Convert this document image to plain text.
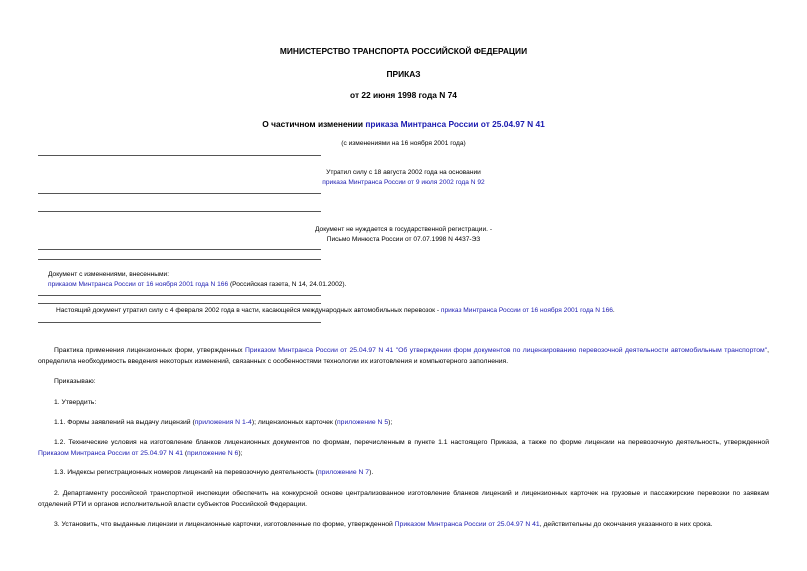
МИНИСТЕРСТВО ТРАНСПОРТА РОССИЙСКОЙ ФЕДЕРАЦИИ
ПРИКАЗ
от 22 июня 1998 года N 74
О частичном изменении приказа Минтранса России от 25.04.97 N 41
(с изменениями на 16 ноября 2001 года)
Утратил силу с 18 августа 2002 года на основании
приказа Минтранса России от 9 июля 2002 года N 92
Документ не нуждается в государственной регистрации. -
Письмо Минюста России от 07.07.1998 N 4437-ЭЗ
Документ с изменениями, внесенными:
приказом Минтранса России от 16 ноября 2001 года N 166 (Российская газета, N 14, 24.01.2002).
Настоящий документ утратил силу с 4 февраля 2002 года в части, касающейся международных автомобильных перевозок - приказ Минтранса России от 16 ноября 2001 года N 166.
Практика применения лицензионных форм, утвержденных Приказом Минтранса России от 25.04.97 N 41 "Об утверждении форм документов по лицензированию перевозочной деятельности автомобильным транспортом", определила необходимость введения некоторых изменений, связанных с особенностями технологии их изготовления и компьютерного заполнения.
Приказываю:
1. Утвердить:
1.1. Формы заявлений на выдачу лицензий (приложения N 1-4); лицензионных карточек (приложение N 5);
1.2. Технические условия на изготовление бланков лицензионных документов по формам, перечисленным в пункте 1.1 настоящего Приказа, а также по форме лицензии на перевозочную деятельность, утвержденной Приказом Минтранса России от 25.04.97 N 41 (приложение N 6);
1.3. Индексы регистрационных номеров лицензий на перевозочную деятельность (приложение N 7).
2. Департаменту российской транспортной инспекции обеспечить на конкурсной основе централизованное изготовление бланков лицензий и лицензионных карточек на грузовые и пассажирские перевозки по заявкам отделений РТИ и органов исполнительной власти субъектов Российской Федерации.
3. Установить, что выданные лицензии и лицензионные карточки, изготовленные по форме, утвержденной Приказом Минтранса России от 25.04.97 N 41, действительны до окончания указанного в них срока.
